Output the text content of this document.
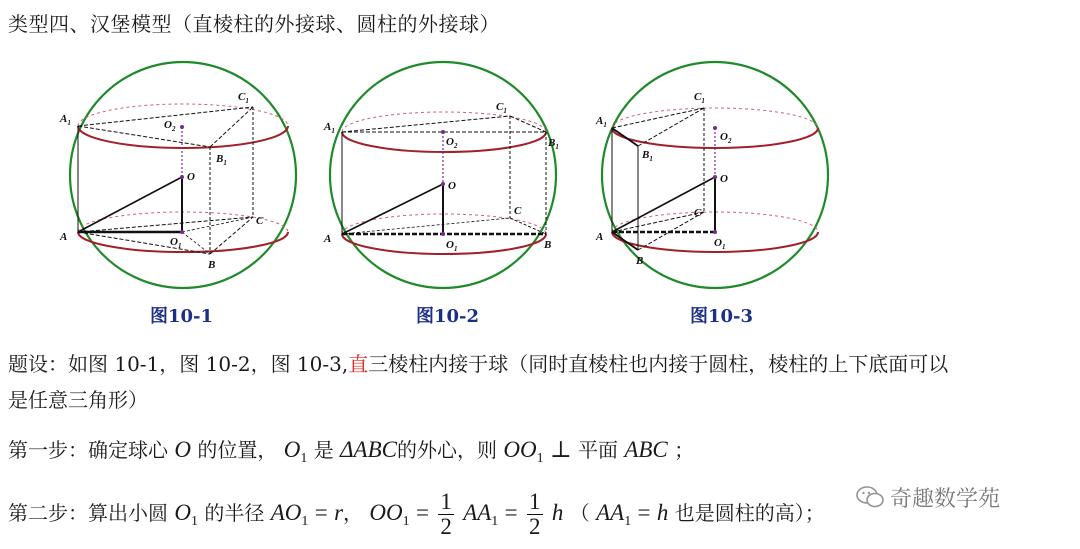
类型四、汉堡模型（直棱柱的外接球、圆柱的外接球）
$A_1$
$C_1$
$O_2$
$B_1$
O
A	$O_1$
C
B
图10-1
$A_1$
$C_1$
$O_2$	$B_1$
O
A	$O_1$
C
B
图10-2
$A_1$
$C_1$
$O_2$
$B_1$
O
A	$O_1$
C
B
图10-3
题设：如图 10-1，图 10-2，图 10-3,直三棱柱内接于球（同时直棱柱也内接于圆柱，棱柱的上下底面可以
是任意三角形）
第一步：确定球心 O 的位置， $O_1$ 是 ΔABC的外心，则 $OO_1$ ⊥ 平面 ABC ；
第二步：算出小圆 $O_1$ 的半径 $AO_1 = r$， $OO_1 = \frac{1}{2} AA_1 = \frac{1}{2}$ h （ $AA_1 = h$ 也是圆柱的高）；
奇趣数学苑
